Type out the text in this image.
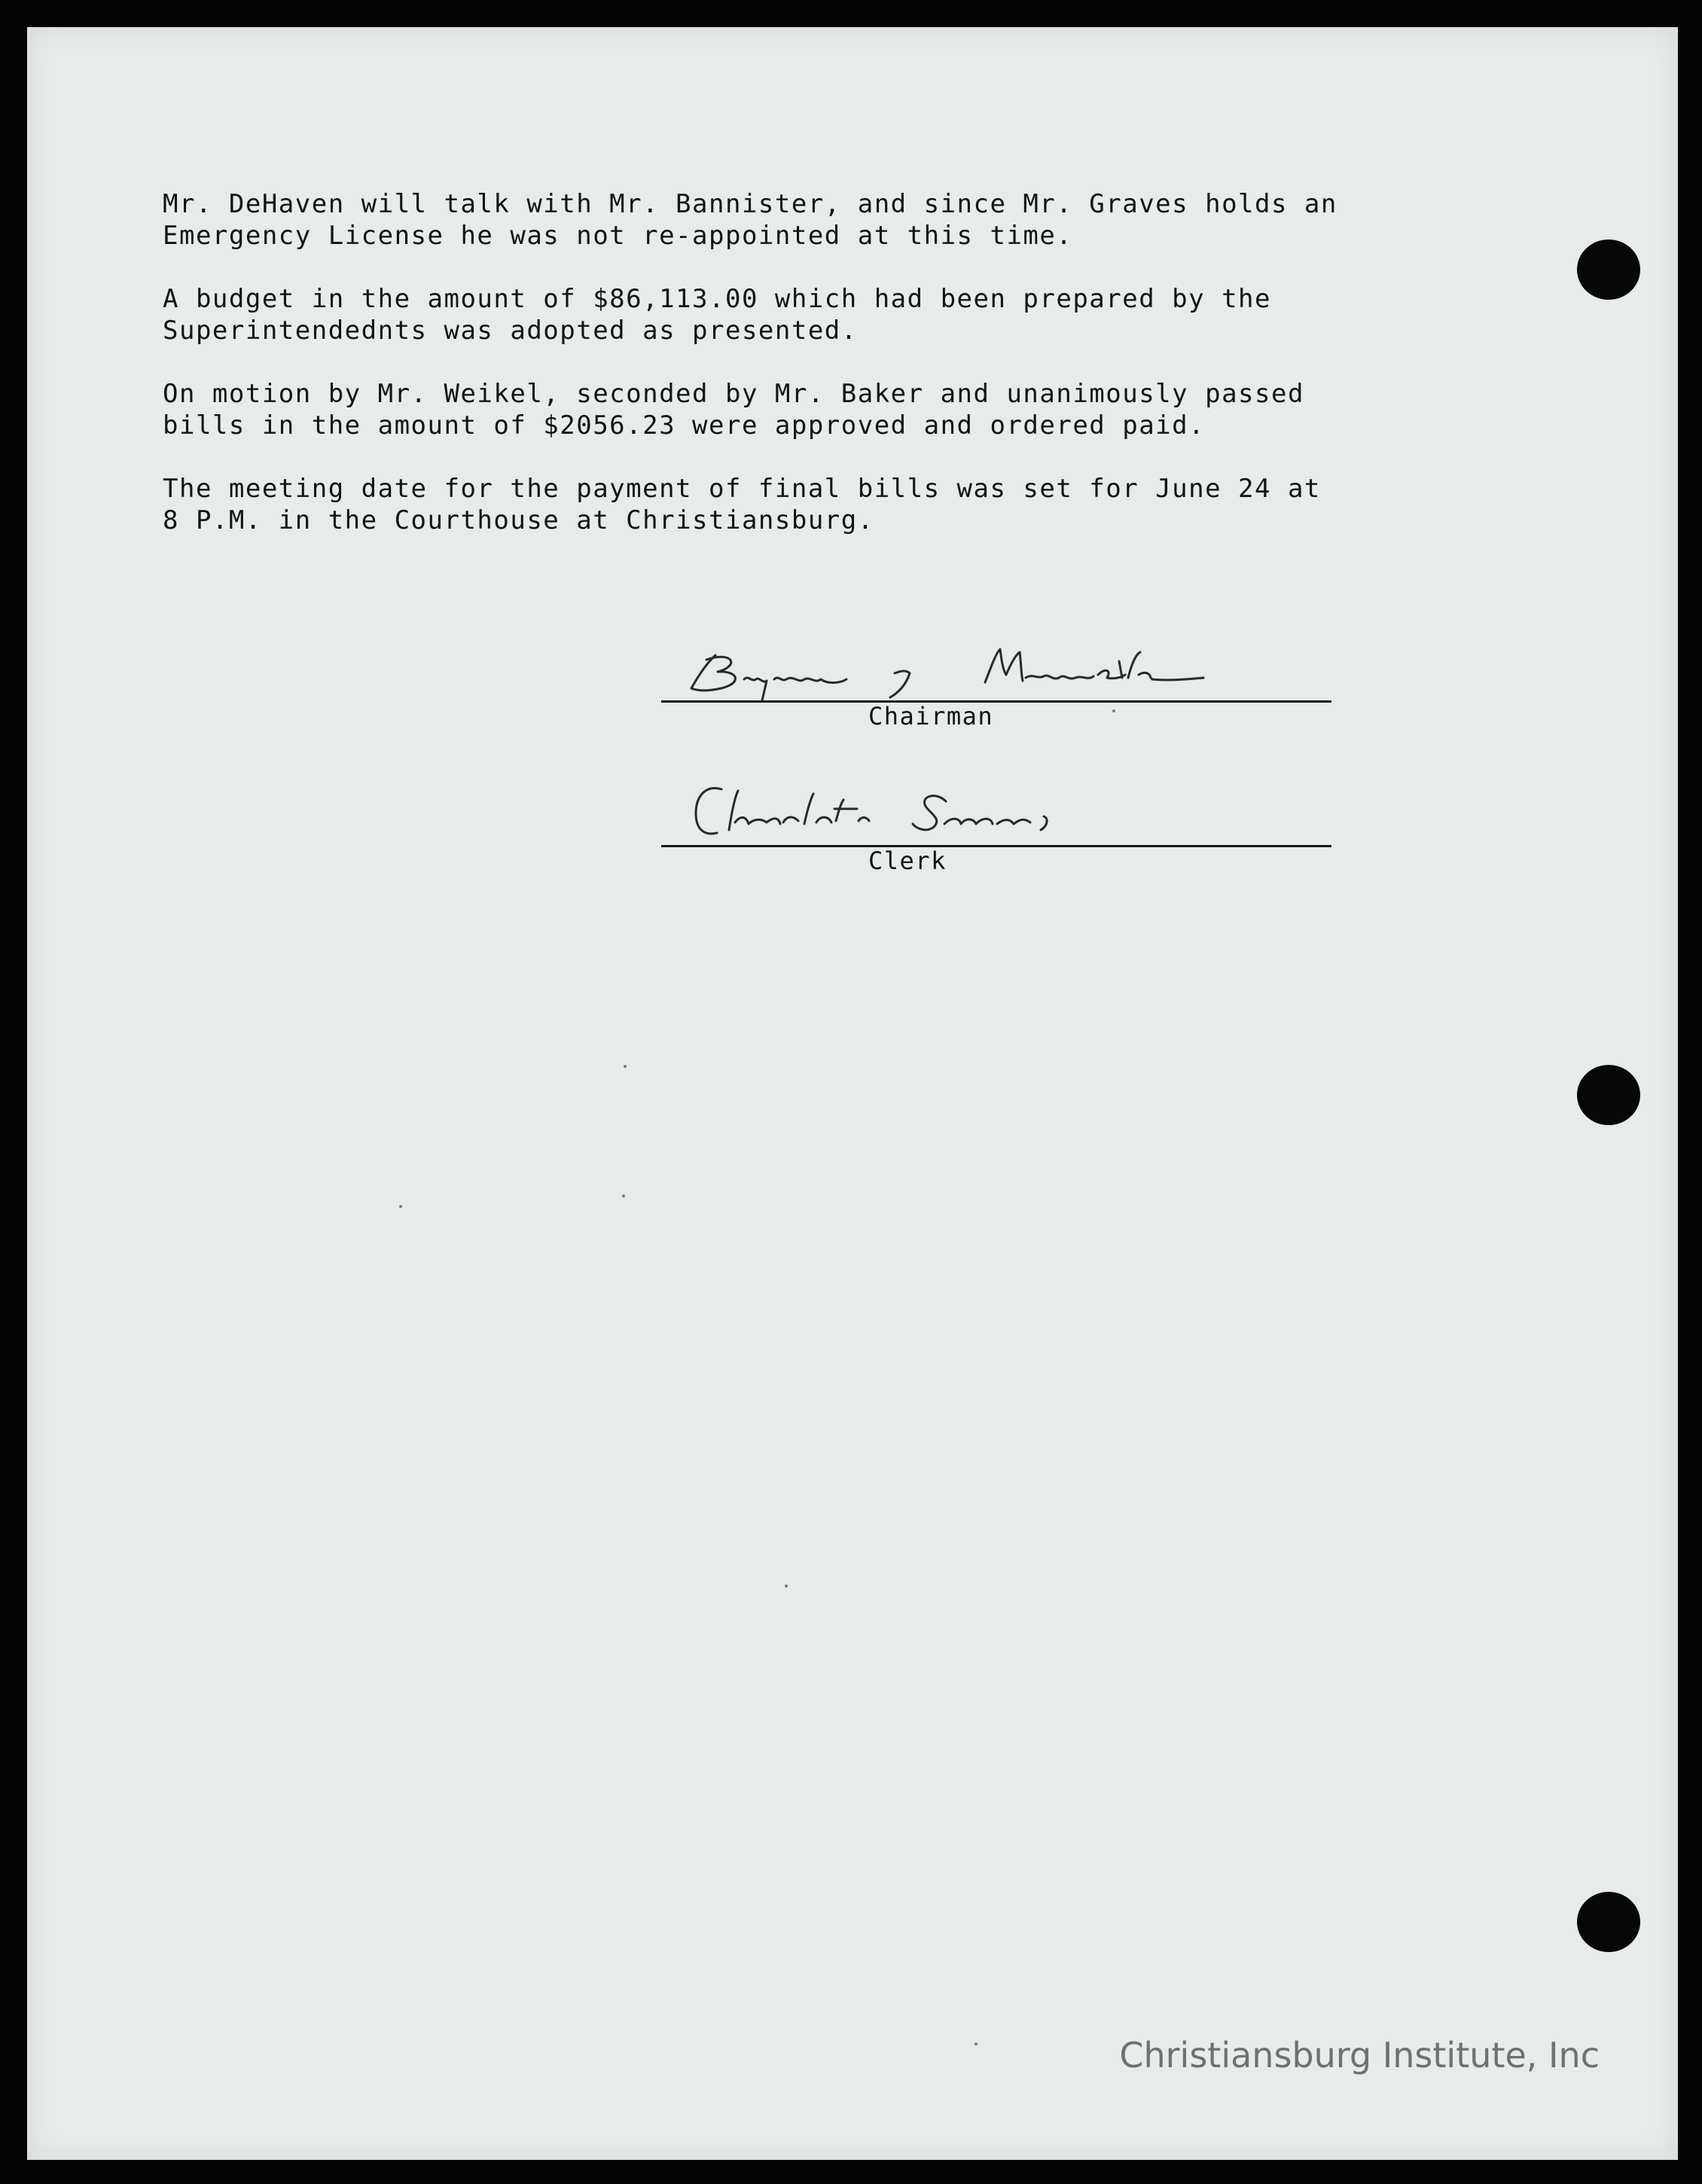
Mr. DeHaven will talk with Mr. Bannister, and since Mr. Graves holds an
Emergency License he was not re-appointed at this time.

A budget in the amount of $86,113.00 which had been prepared by the
Superintendednts was adopted as presented.

On motion by Mr. Weikel, seconded by Mr. Baker and unanimously passed
bills in the amount of $2056.23 were approved and ordered paid.

The meeting date for the payment of final bills was set for June 24 at
8 P.M. in the Courthouse at Christiansburg.

Chairman
Clerk
Christiansburg Institute, Inc
